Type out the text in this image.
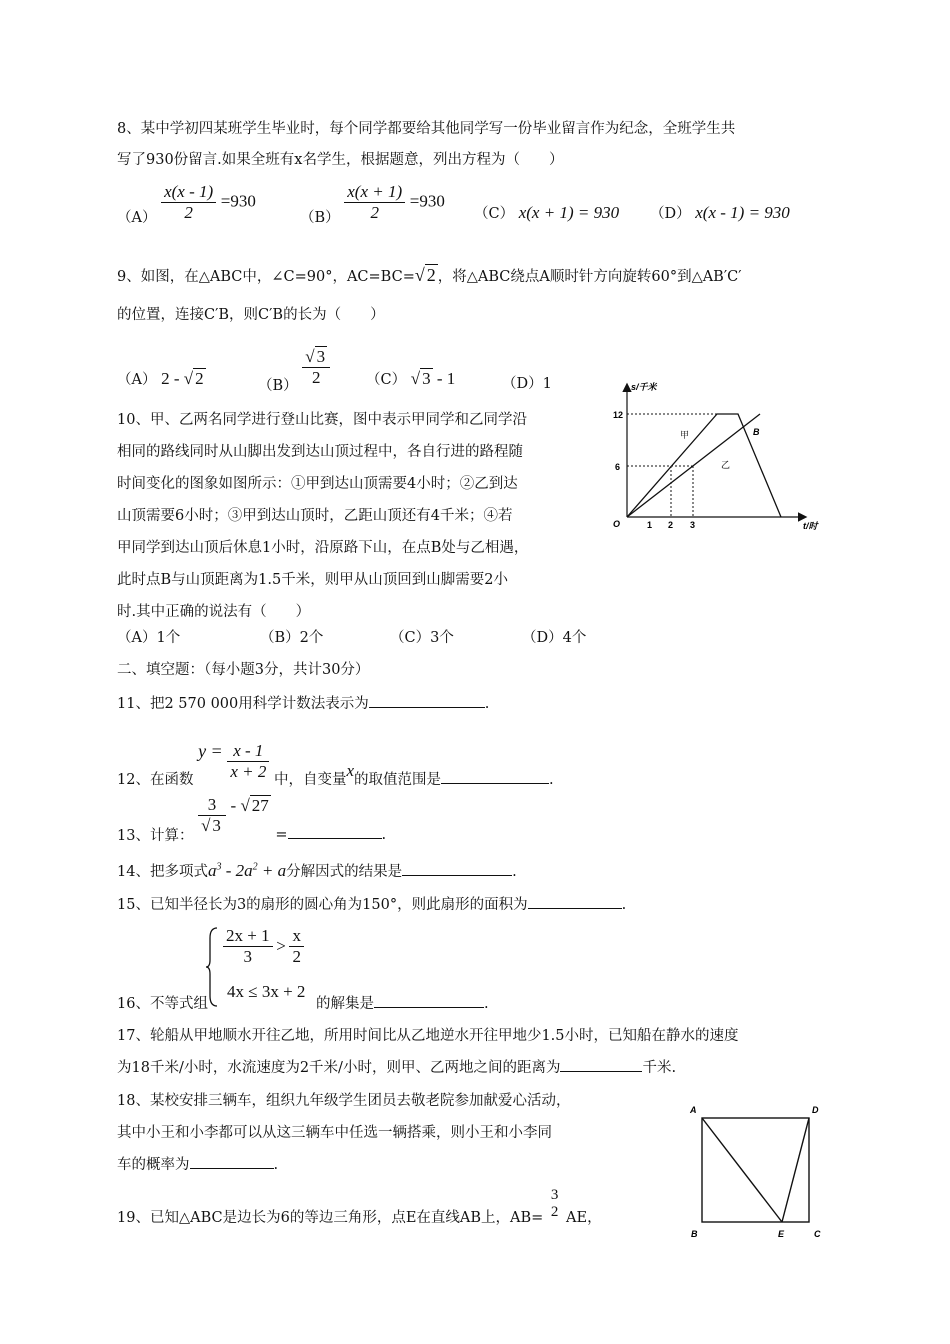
8、某中学初四某班学生毕业时，每个同学都要给其他同学写一份毕业留言作为纪念，全班学生共
写了930份留言.如果全班有x名学生，根据题意，列出方程为（　　）
$(A) \frac{x(x - 1)}{2} =930$
$(B) \frac{x(x + 1)}{2} =930$
（C） x(x + 1) = 930 （D） x(x - 1) = 930
9、如图，在△ABC中，∠C=90°，AC=BC=√ 2 ，将△ABC绕点A顺时针方向旋转60°到△AB′C′
的位置，连接C′B，则C′B的长为（　　）
（A） 2 - √ 2	$(B) \frac{√ 3}{2} (C)$ √ 3 - 1	（D）1
10、甲、乙两名同学进行登山比赛，图中表示甲同学和乙同学沿
相同的路线同时从山脚出发到达山顶过程中，各自行进的路程随
时间变化的图象如图所示：①甲到达山顶需要4小时；②乙到达
山顶需要6小时；③甲到达山顶时，乙距山顶还有4千米；④若
甲同学到达山顶后休息1小时，沿原路下山，在点B处与乙相遇，
此时点B与山顶距离为1.5千米，则甲从山顶回到山脚需要2小
时.其中正确的说法有（　　）
（A）1个	（B）2个	（C）3个	（D）4个
s/千米
t/时
O
12
6
1 2 3
甲
乙
B
二、填空题：（每小题3分，共计30分）
11、把2 570 000用科学计数法表示为	.
12、在函数 $y = \frac{x - 1}{x + 2}$ 中，自变量x的取值范围是	.
13、计算： $\frac{3}{√ 3}$ - √ 27 =	.
14、把多项式$a^3 - 2a^2 + a$分解因式的结果是	.
15、已知半径长为3的扇形的圆心角为150°，则此扇形的面积为	.
16、不等式组
$\frac{2x + 1}{3} > \frac{x}{2}$
4x ≤ 3x + 2
的解集是	.
17、轮船从甲地顺水开往乙地，所用时间比从乙地逆水开往甲地少1.5小时，已知船在静水的速度
为18千米/小时，水流速度为2千米/小时，则甲、乙两地之间的距离为	千米.
18、某校安排三辆车，组织九年级学生团员去敬老院参加献爱心活动，
其中小王和小李都可以从这三辆车中任选一辆搭乘，则小王和小李同
车的概率为	.
19、已知△ABC是边长为6的等边三角形，点E在直线AB上，AB=
3
2 AE，
A	D
B	E	C
